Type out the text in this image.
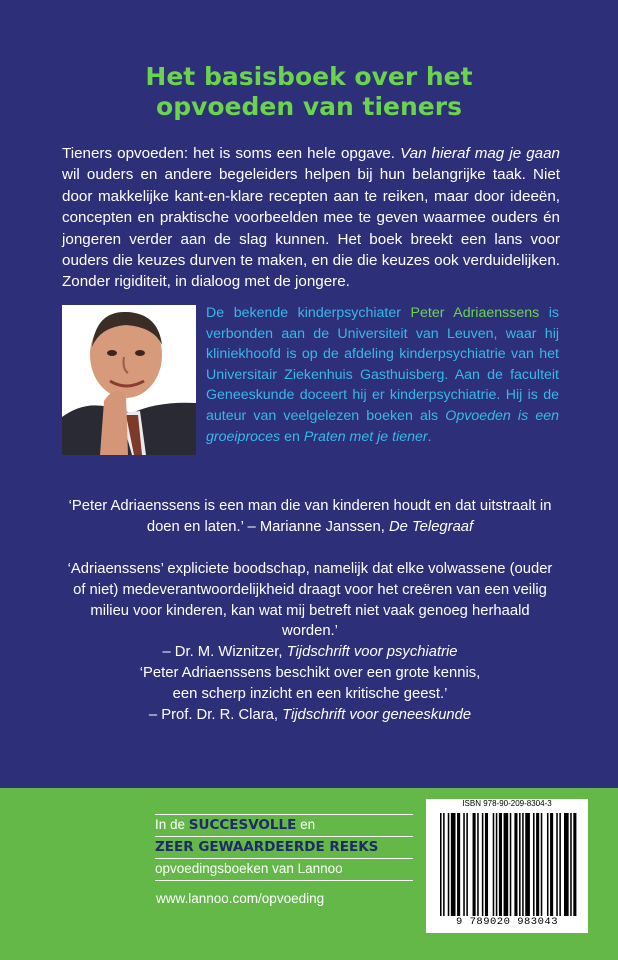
Het basisboek over het
opvoeden van tieners
Tieners opvoeden: het is soms een hele opgave. Van hieraf mag je gaan wil ouders en andere begeleiders helpen bij hun belangrijke taak. Niet door makkelijke kant-en-klare recepten aan te reiken, maar door ideeën, concepten en praktische voorbeelden mee te geven waarmee ouders én jongeren verder aan de slag kunnen. Het boek breekt een lans voor ouders die keuzes durven te maken, en die die keuzes ook verduidelijken. Zonder rigiditeit, in dialoog met de jongere.
De bekende kinderpsychiater Peter Adriaenssens is verbonden aan de Universiteit van Leuven, waar hij kliniekhoofd is op de afdeling kinderpsychiatrie van het Universitair Ziekenhuis Gasthuisberg. Aan de faculteit Geneeskunde doceert hij er kinderpsychiatrie. Hij is de auteur van veelgelezen boeken als Opvoeden is een groeiproces en Praten met je tiener.
‘Peter Adriaenssens is een man die van kinderen houdt en dat uitstraalt in doen en laten.’ – Marianne Janssen, De Telegraaf
‘Adriaenssens’ expliciete boodschap, namelijk dat elke volwassene (ouder of niet) medeverantwoordelijkheid draagt voor het creëren van een veilig milieu voor kinderen, kan wat mij betreft niet vaak genoeg herhaald worden.’
– Dr. M. Wiznitzer, Tijdschrift voor psychiatrie
‘Peter Adriaenssens beschikt over een grote kennis,
een scherp inzicht en een kritische geest.’
– Prof. Dr. R. Clara, Tijdschrift voor geneeskunde
In de SUCCESVOLLE en
ZEER GEWAARDEERDE REEKS
opvoedingsboeken van Lannoo
www.lannoo.com/opvoeding
ISBN 978-90-209-8304-3
9 789020 983043
